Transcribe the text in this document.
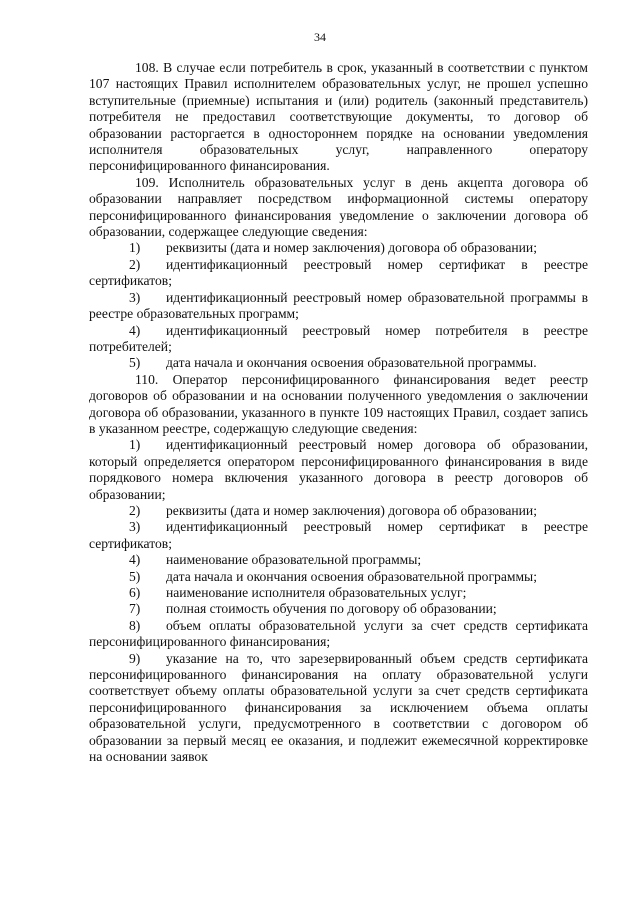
34

108. В случае если потребитель в срок, указанный в соответствии с пунктом 107 настоящих Правил исполнителем образовательных услуг, не прошел успешно вступительные (приемные) испытания и (или) родитель (законный представитель) потребителя не предоставил соответствующие документы, то договор об образовании расторгается в одностороннем порядке на основании уведомления исполнителя образовательных услуг, направленного оператору персонифицированного финансирования.

109. Исполнитель образовательных услуг в день акцепта договора об образовании направляет посредством информационной системы оператору персонифицированного финансирования уведомление о заключении договора об образовании, содержащее следующие сведения:

1) реквизиты (дата и номер заключения) договора об образовании;

2) идентификационный реестровый номер сертификат в реестре сертификатов;

3) идентификационный реестровый номер образовательной программы в реестре образовательных программ;

4) идентификационный реестровый номер потребителя в реестре потребителей;

5) дата начала и окончания освоения образовательной программы.

110. Оператор персонифицированного финансирования ведет реестр договоров об образовании и на основании полученного уведомления о заключении договора об образовании, указанного в пункте 109 настоящих Правил, создает запись в указанном реестре, содержащую следующие сведения:

1) идентификационный реестровый номер договора об образовании, который определяется оператором персонифицированного финансирования в виде порядкового номера включения указанного договора в реестр договоров об образовании;

2) реквизиты (дата и номер заключения) договора об образовании;

3) идентификационный реестровый номер сертификат в реестре сертификатов;

4) наименование образовательной программы;

5) дата начала и окончания освоения образовательной программы;

6) наименование исполнителя образовательных услуг;

7) полная стоимость обучения по договору об образовании;

8) объем оплаты образовательной услуги за счет средств сертификата персонифицированного финансирования;

9) указание на то, что зарезервированный объем средств сертификата персонифицированного финансирования на оплату образовательной услуги соответствует объему оплаты образовательной услуги за счет средств сертификата персонифицированного финансирования за исключением объема оплаты образовательной услуги, предусмотренного в соответствии с договором об образовании за первый месяц ее оказания, и подлежит ежемесячной корректировке на основании заявок
